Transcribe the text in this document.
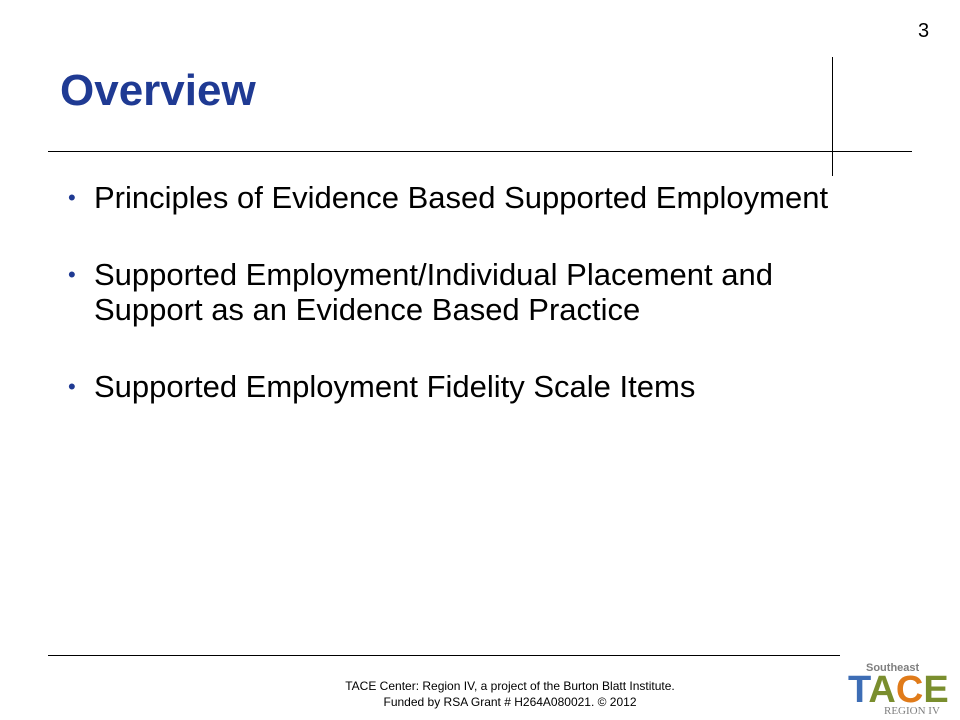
3
Overview
• Principles of Evidence Based Supported Employment
• Supported Employment/Individual Placement and Support as an Evidence Based Practice
• Supported Employment Fidelity Scale Items
TACE Center: Region IV, a project of the Burton Blatt Institute.
Funded by RSA Grant # H264A080021. © 2012
Southeast
TACE
REGION IV
